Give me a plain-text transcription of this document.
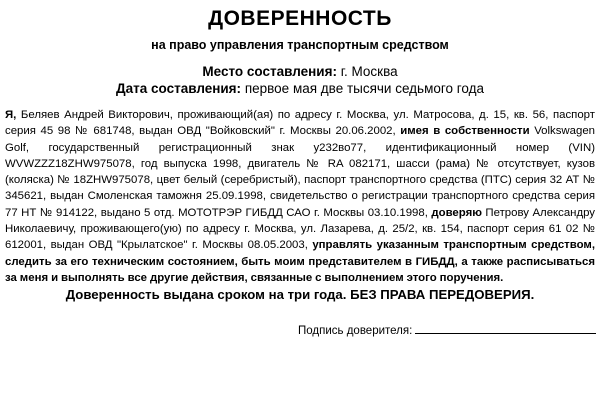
ДОВЕРЕННОСТЬ
на право управления транспортным средством
Место составления: г. Москва
Дата составления: первое мая две тысячи седьмого года
Я, Беляев Андрей Викторович, проживающий(ая) по адресу г. Москва, ул. Матросова, д. 15, кв. 56, паспорт серия 45 98 № 681748, выдан ОВД "Войковский" г. Москвы 20.06.2002, имея в собственности Volkswagen Golf, государственный регистрационный знак у232во77, идентификационный номер (VIN) WVWZZZ18ZHW975078, год выпуска 1998, двигатель № RA 082171, шасси (рама) № отсутствует, кузов (коляска) № 18ZHW975078, цвет белый (серебристый), паспорт транспортного средства (ПТС) серия 32 АТ № 345621, выдан Смоленская таможня 25.09.1998, свидетельство о регистрации транспортного средства серия 77 НТ № 914122, выдано 5 отд. МОТОТРЭР ГИБДД САО г. Москвы 03.10.1998, доверяю Петрову Александру Николаевичу, проживающего(ую) по адресу г. Москва, ул. Лазарева, д. 25/2, кв. 154, паспорт серия 61 02 № 612001, выдан ОВД "Крылатское" г. Москвы 08.05.2003, управлять указанным транспортным средством, следить за его техническим состоянием, быть моим представителем в ГИБДД, а также расписываться за меня и выполнять все другие действия, связанные с выполнением этого поручения.
Доверенность выдана сроком на три года. БЕЗ ПРАВА ПЕРЕДОВЕРИЯ.
Подпись доверителя:
